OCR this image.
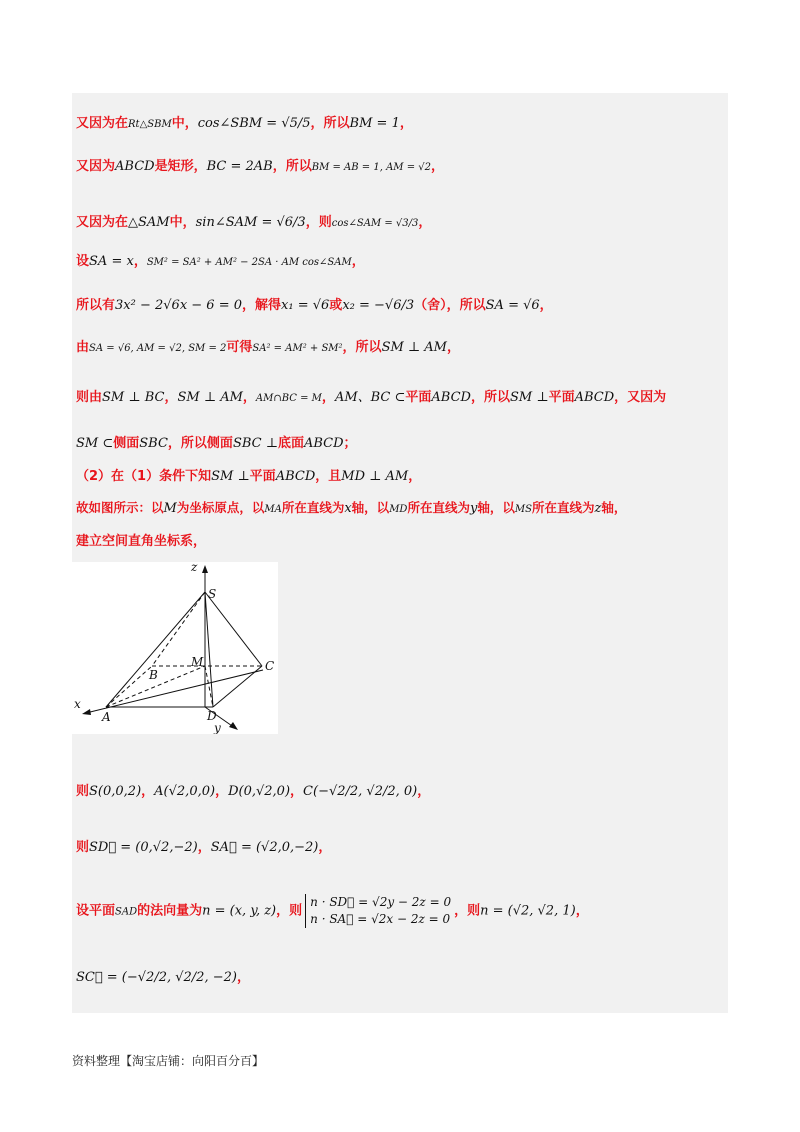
又因为在Rt△SBM中，cos∠SBM = √5/5，所以BM = 1，
又因为ABCD是矩形，BC = 2AB，所以BM = AB = 1, AM = √2，
又因为在△SAM中，sin∠SAM = √6/3，则cos∠SAM = √3/3，
设SA = x，SM² = SA² + AM² − 2SA · AM cos∠SAM，
所以有3x² − 2√6x − 6 = 0，解得x₁ = √6或x₂ = −√6/3（舍），所以SA = √6，
由SA = √6, AM = √2, SM = 2可得SA² = AM² + SM²，所以SM ⊥ AM，
则由SM ⊥ BC，SM ⊥ AM，AM∩BC = M，AM、BC ⊂平面ABCD，所以SM ⊥平面ABCD，又因为
SM ⊂侧面SBC，所以侧面SBC ⊥底面ABCD；
（2）在（1）条件下知SM ⊥平面ABCD，且MD ⊥ AM，
故如图所示：以M为坐标原点，以MA所在直线为x轴，以MD所在直线为y轴，以MS所在直线为z轴，
建立空间直角坐标系，
z
S
M
B
C
x
A	D
y
则S(0,0,2)，A(√2,0,0)，D(0,√2,0)，C(−√2/2, √2/2, 0)，
则SD⃗ = (0,√2,−2)，SA⃗ = (√2,0,−2)，
设平面SAD的法向量为n = (x, y, z)，则n · SD⃗ = √2y − 2z = 0
n · SA⃗ = √2x − 2z = 0，则n = (√2, √2, 1)，
SC⃗ = (−√2/2, √2/2, −2)，
资料整理【淘宝店铺：向阳百分百】
